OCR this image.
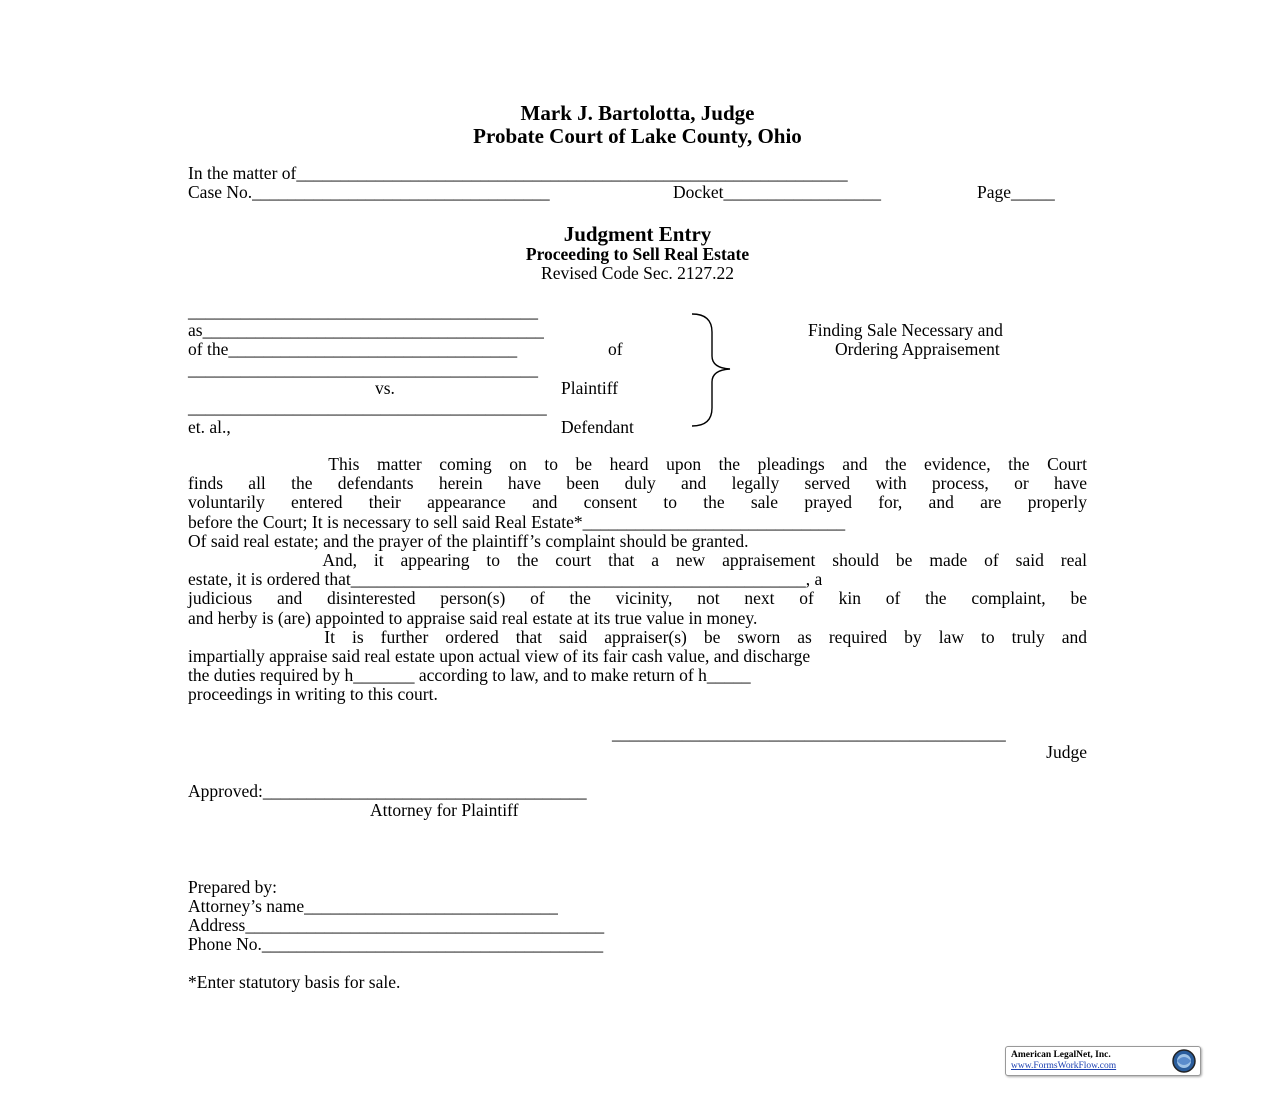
Mark J. Bartolotta, Judge
Probate Court of Lake County, Ohio
In the matter of_______________________________________________________________
Case No.__________________________________	Docket__________________	Page_____
Judgment Entry
Proceeding to Sell Real Estate
Revised Code Sec. 2127.22
________________________________________
as_______________________________________
of the_________________________________	of
________________________________________
vs.	Plaintiff
_________________________________________
et. al.,	Defendant
Finding Sale Necessary and
Ordering Appraisement
This matter coming on to be heard upon the pleadings and the evidence, the Court
finds all the defendants herein have been duly and legally served with process, or have
voluntarily entered their appearance and consent to the sale prayed for, and are properly
before the Court; It is necessary to sell said Real Estate*______________________________
Of said real estate; and the prayer of the plaintiff’s complaint should be granted.
And, it appearing to the court that a new appraisement should be made of said real
estate, it is ordered that____________________________________________________, a
judicious and disinterested person(s) of the vicinity, not next of kin of the complaint, be
and herby is (are) appointed to appraise said real estate at its true value in money.
It is further ordered that said appraiser(s) be sworn as required by law to truly and
impartially appraise said real estate upon actual view of its fair cash value, and discharge
the duties required by h_______ according to law, and to make return of h_____
proceedings in writing to this court.
_____________________________________________
Judge
Approved:_____________________________________
Attorney for Plaintiff
Prepared by:
Attorney’s name_____________________________
Address_________________________________________
Phone No._______________________________________
*Enter statutory basis for sale.
American LegalNet, Inc.
www.FormsWorkFlow.com
